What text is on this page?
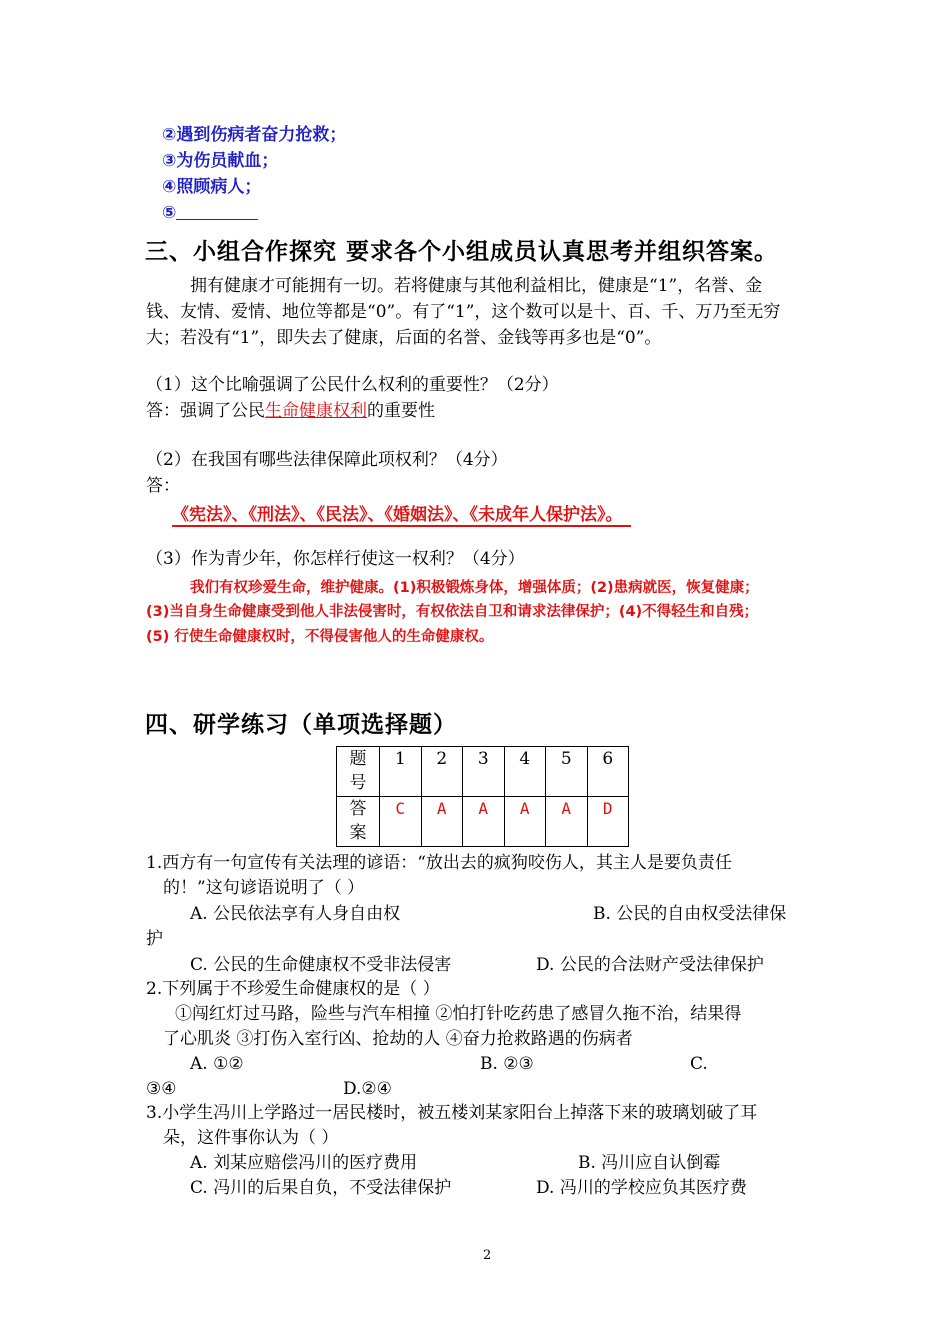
②遇到伤病者奋力抢救；
③为伤员献血；
④照顾病人；
⑤
三、小组合作探究 要求各个小组成员认真思考并组织答案。
拥有健康才可能拥有一切。若将健康与其他利益相比，健康是“1”，名誉、金
钱、友情、爱情、地位等都是“0”。有了“1”，这个数可以是十、百、千、万乃至无穷
大；若没有“1”，即失去了健康，后面的名誉、金钱等再多也是“0”。
（1）这个比喻强调了公民什么权利的重要性？（2分）
答：强调了公民生命健康权利的重要性
（2）在我国有哪些法律保障此项权利？（4分）
答：
《宪法》、《刑法》、《民法》、《婚姻法》、《未成年人保护法》。
（3）作为青少年，你怎样行使这一权利？（4分）
我们有权珍爱生命，维护健康。(1)积极锻炼身体，增强体质；(2)患病就医，恢复健康；
(3)当自身生命健康受到他人非法侵害时，有权依法自卫和请求法律保护；(4)不得轻生和自残；
(5) 行使生命健康权时，不得侵害他人的生命健康权。
四、研学练习（单项选择题）
题
号	1	2	3	4	5	6
答
案	C	A	A	A	A	D
1.西方有一句宣传有关法理的谚语：“放出去的疯狗咬伤人，其主人是要负责任
的！”这句谚语说明了（ ）
A. 公民依法享有人身自由权	B. 公民的自由权受法律保
护
C. 公民的生命健康权不受非法侵害	D. 公民的合法财产受法律保护
2.下列属于不珍爱生命健康权的是（ ）
①闯红灯过马路，险些与汽车相撞 ②怕打针吃药患了感冒久拖不治，结果得
了心肌炎 ③打伤入室行凶、抢劫的人 ④奋力抢救路遇的伤病者
A. ①②	B. ②③	C.
③④	D.②④
3.小学生冯川上学路过一居民楼时，被五楼刘某家阳台上掉落下来的玻璃划破了耳
朵，这件事你认为（ ）
A. 刘某应赔偿冯川的医疗费用	B. 冯川应自认倒霉
C. 冯川的后果自负，不受法律保护	D. 冯川的学校应负其医疗费
2
